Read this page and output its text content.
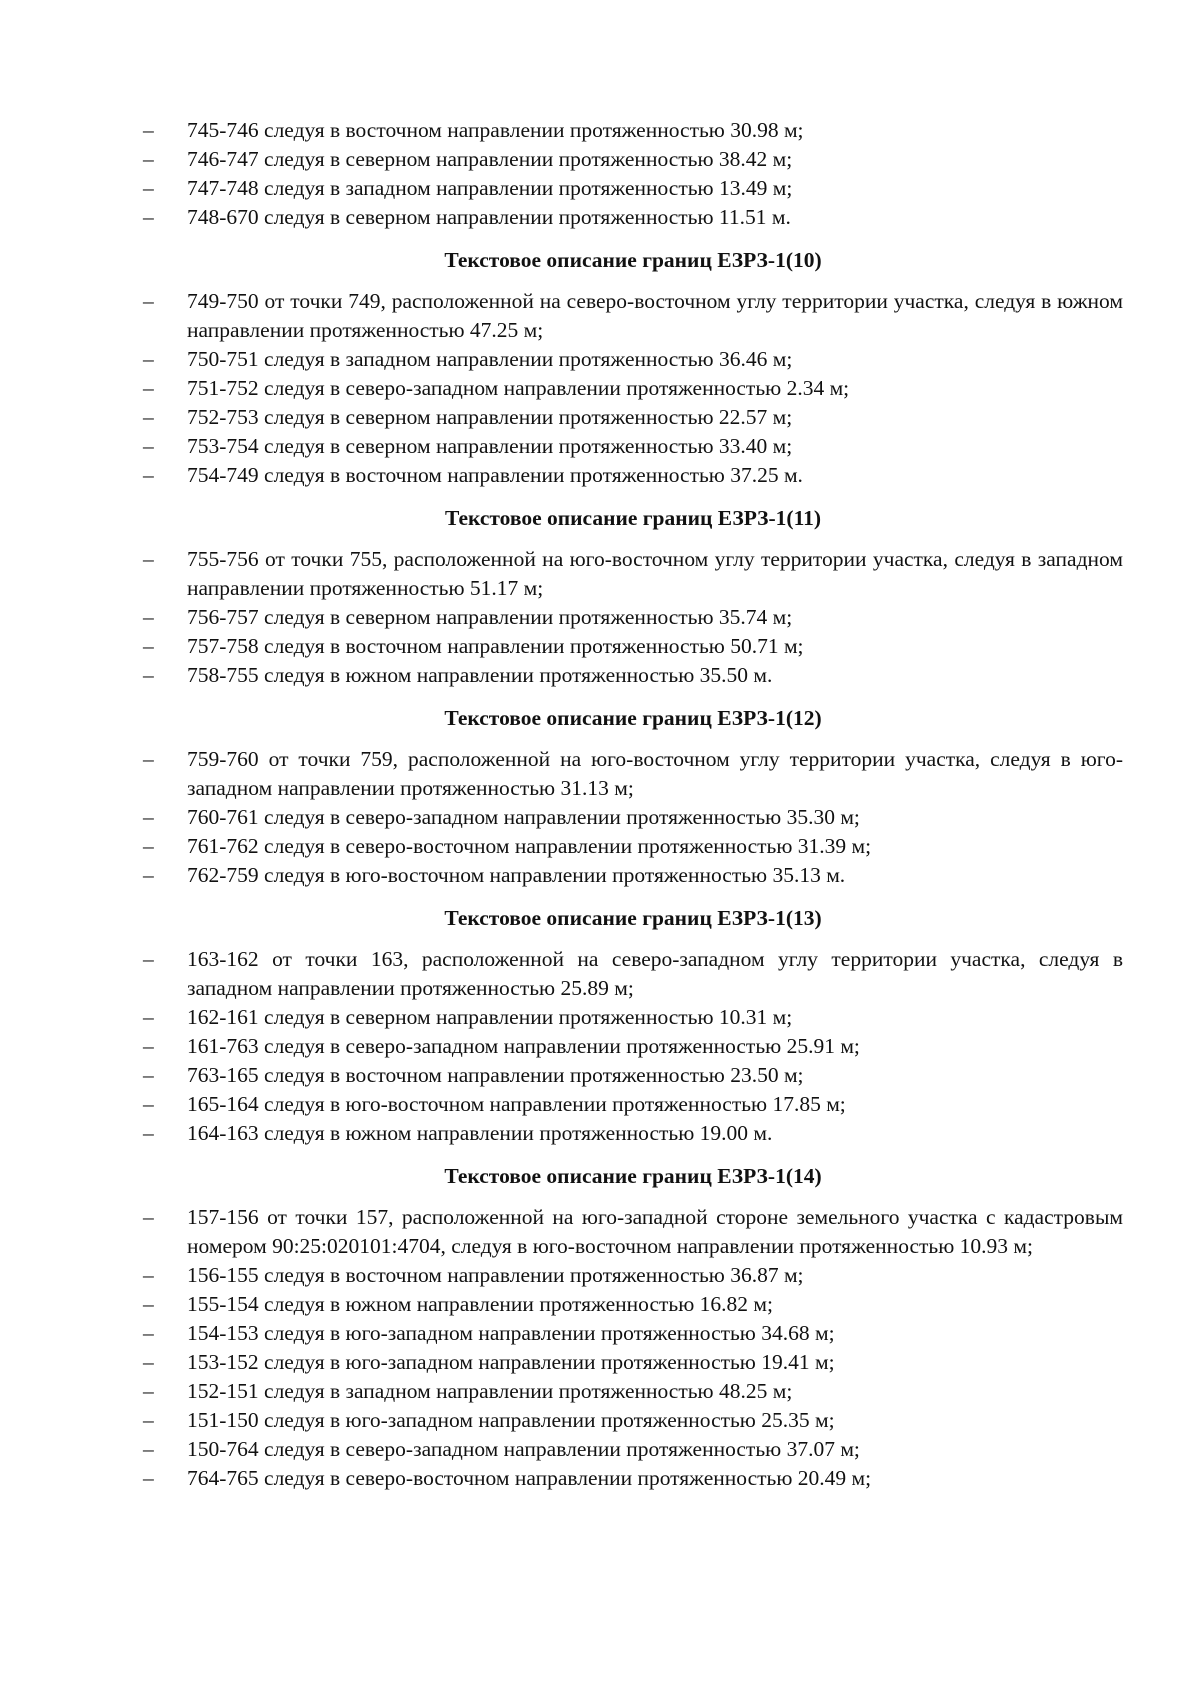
– 745-746 следуя в восточном направлении протяженностью 30.98 м;
– 746-747 следуя в северном направлении протяженностью 38.42 м;
– 747-748 следуя в западном направлении протяженностью 13.49 м;
– 748-670 следуя в северном направлении протяженностью 11.51 м.
Текстовое описание границ ЕЗРЗ-1(10)
– 749-750 от точки 749, расположенной на северо-восточном углу территории участка, следуя в южном направлении протяженностью 47.25 м;
– 750-751 следуя в западном направлении протяженностью 36.46 м;
– 751-752 следуя в северо-западном направлении протяженностью 2.34 м;
– 752-753 следуя в северном направлении протяженностью 22.57 м;
– 753-754 следуя в северном направлении протяженностью 33.40 м;
– 754-749 следуя в восточном направлении протяженностью 37.25 м.
Текстовое описание границ ЕЗРЗ-1(11)
– 755-756 от точки 755, расположенной на юго-восточном углу территории участка, следуя в западном направлении протяженностью 51.17 м;
– 756-757 следуя в северном направлении протяженностью 35.74 м;
– 757-758 следуя в восточном направлении протяженностью 50.71 м;
– 758-755 следуя в южном направлении протяженностью 35.50 м.
Текстовое описание границ ЕЗРЗ-1(12)
– 759-760 от точки 759, расположенной на юго-восточном углу территории участка, следуя в юго-западном направлении протяженностью 31.13 м;
– 760-761 следуя в северо-западном направлении протяженностью 35.30 м;
– 761-762 следуя в северо-восточном направлении протяженностью 31.39 м;
– 762-759 следуя в юго-восточном направлении протяженностью 35.13 м.
Текстовое описание границ ЕЗРЗ-1(13)
– 163-162 от точки 163, расположенной на северо-западном углу территории участка, следуя в западном направлении протяженностью 25.89 м;
– 162-161 следуя в северном направлении протяженностью 10.31 м;
– 161-763 следуя в северо-западном направлении протяженностью 25.91 м;
– 763-165 следуя в восточном направлении протяженностью 23.50 м;
– 165-164 следуя в юго-восточном направлении протяженностью 17.85 м;
– 164-163 следуя в южном направлении протяженностью 19.00 м.
Текстовое описание границ ЕЗРЗ-1(14)
– 157-156 от точки 157, расположенной на юго-западной стороне земельного участка с кадастровым номером 90:25:020101:4704, следуя в юго-восточном направлении протяженностью 10.93 м;
– 156-155 следуя в восточном направлении протяженностью 36.87 м;
– 155-154 следуя в южном направлении протяженностью 16.82 м;
– 154-153 следуя в юго-западном направлении протяженностью 34.68 м;
– 153-152 следуя в юго-западном направлении протяженностью 19.41 м;
– 152-151 следуя в западном направлении протяженностью 48.25 м;
– 151-150 следуя в юго-западном направлении протяженностью 25.35 м;
– 150-764 следуя в северо-западном направлении протяженностью 37.07 м;
– 764-765 следуя в северо-восточном направлении протяженностью 20.49 м;
